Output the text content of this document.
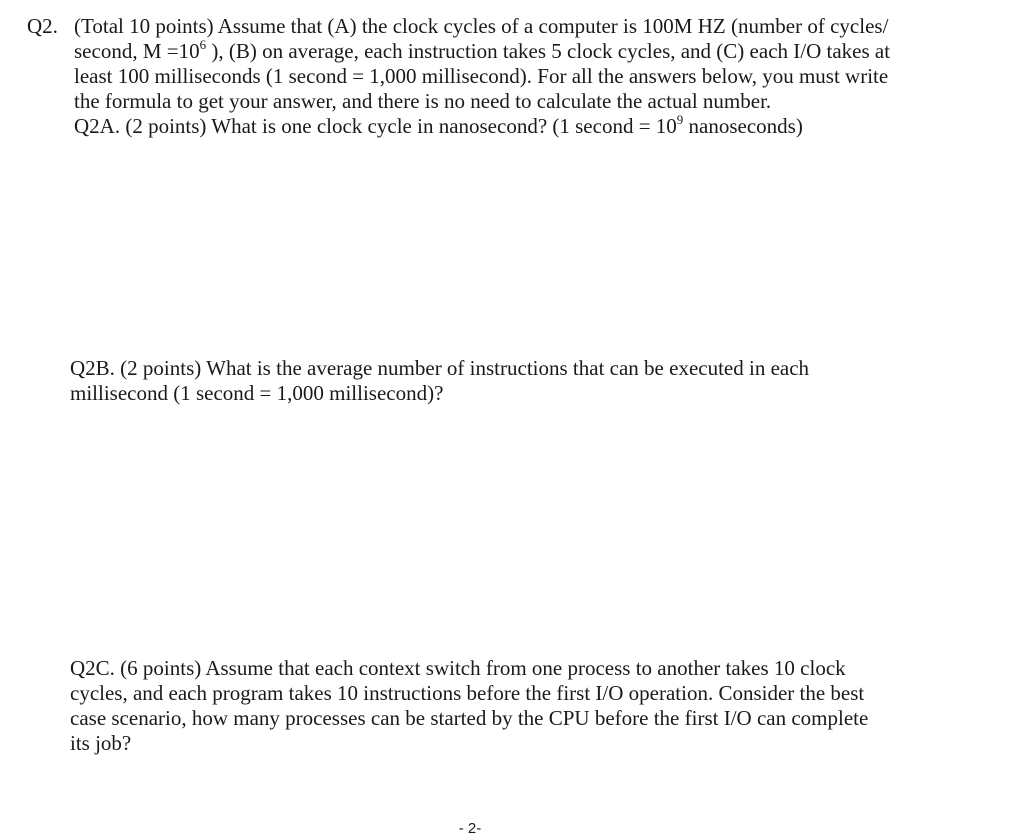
Q2. (Total 10 points) Assume that (A) the clock cycles of a computer is 100M HZ (number of cycles/
second, $M =10^6$ ), (B) on average, each instruction takes 5 clock cycles, and (C) each I/O takes at
least 100 milliseconds (1 second = 1,000 millisecond). For all the answers below, you must write
the formula to get your answer, and there is no need to calculate the actual number.
Q2A. (2 points) What is one clock cycle in nanosecond? (1 second = $10^9$ nanoseconds)
Q2B. (2 points) What is the average number of instructions that can be executed in each
millisecond (1 second = 1,000 millisecond)?
Q2C. (6 points) Assume that each context switch from one process to another takes 10 clock
cycles, and each program takes 10 instructions before the first I/O operation. Consider the best
case scenario, how many processes can be started by the CPU before the first I/O can complete
its job?
- 2-
